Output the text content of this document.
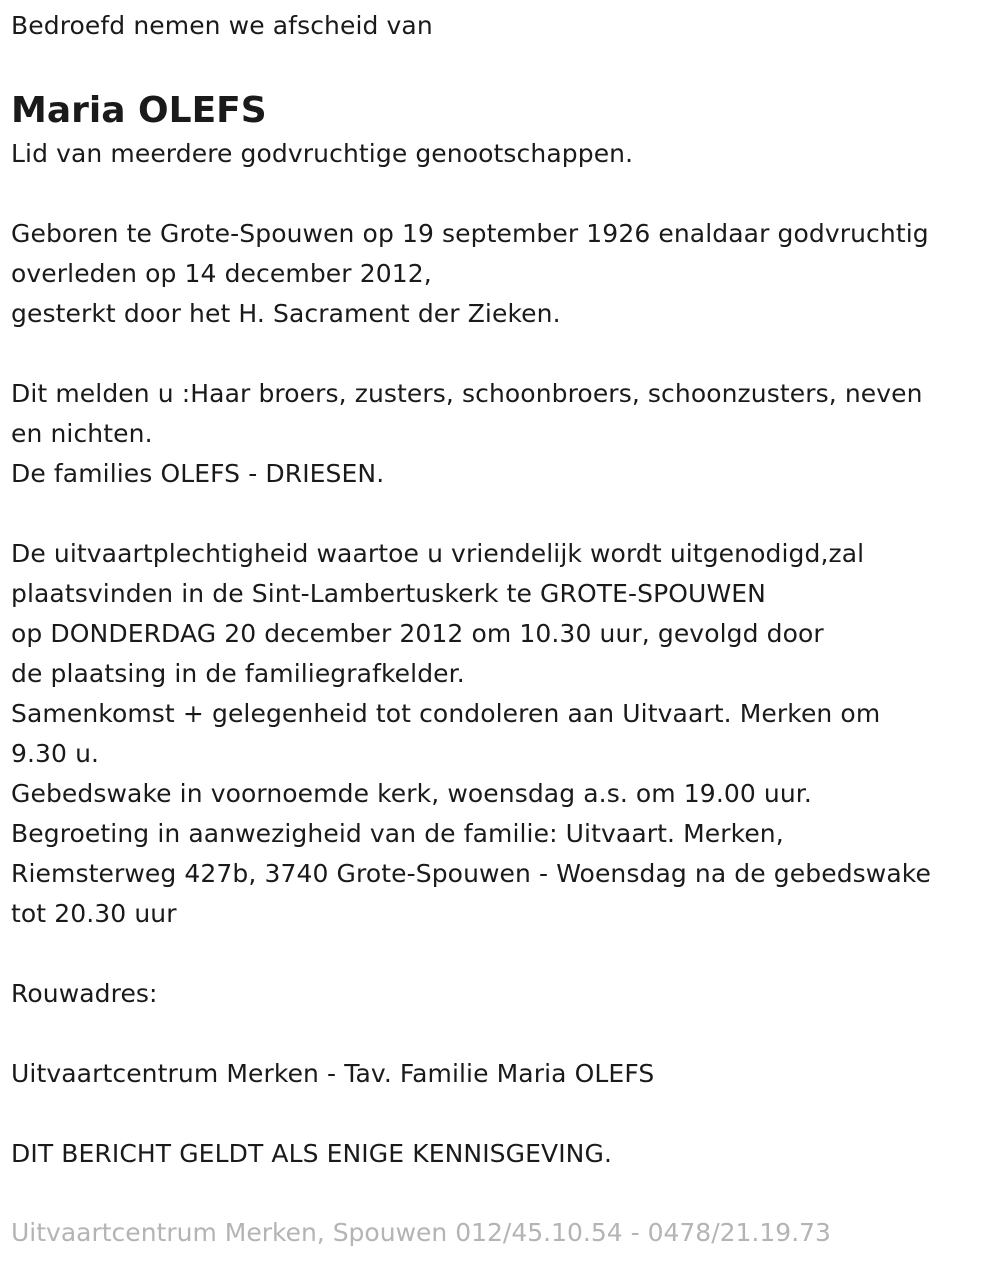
Bedroefd nemen we afscheid van
Maria OLEFS
Lid van meerdere godvruchtige genootschappen.
Geboren te Grote-Spouwen op 19 september 1926 enaldaar godvruchtig
overleden op 14 december 2012,
gesterkt door het H. Sacrament der Zieken.
Dit melden u :Haar broers, zusters, schoonbroers, schoonzusters, neven
en nichten.
De families OLEFS - DRIESEN.
De uitvaartplechtigheid waartoe u vriendelijk wordt uitgenodigd,zal
plaatsvinden in de Sint-Lambertuskerk te GROTE-SPOUWEN
op DONDERDAG 20 december 2012 om 10.30 uur, gevolgd door
de plaatsing in de familiegrafkelder.
Samenkomst + gelegenheid tot condoleren aan Uitvaart. Merken om
9.30 u.
Gebedswake in voornoemde kerk, woensdag a.s. om 19.00 uur.
Begroeting in aanwezigheid van de familie: Uitvaart. Merken,
Riemsterweg 427b, 3740 Grote-Spouwen - Woensdag na de gebedswake
tot 20.30 uur
Rouwadres:
Uitvaartcentrum Merken - Tav. Familie Maria OLEFS
DIT BERICHT GELDT ALS ENIGE KENNISGEVING.
Uitvaartcentrum Merken, Spouwen 012/45.10.54 - 0478/21.19.73
